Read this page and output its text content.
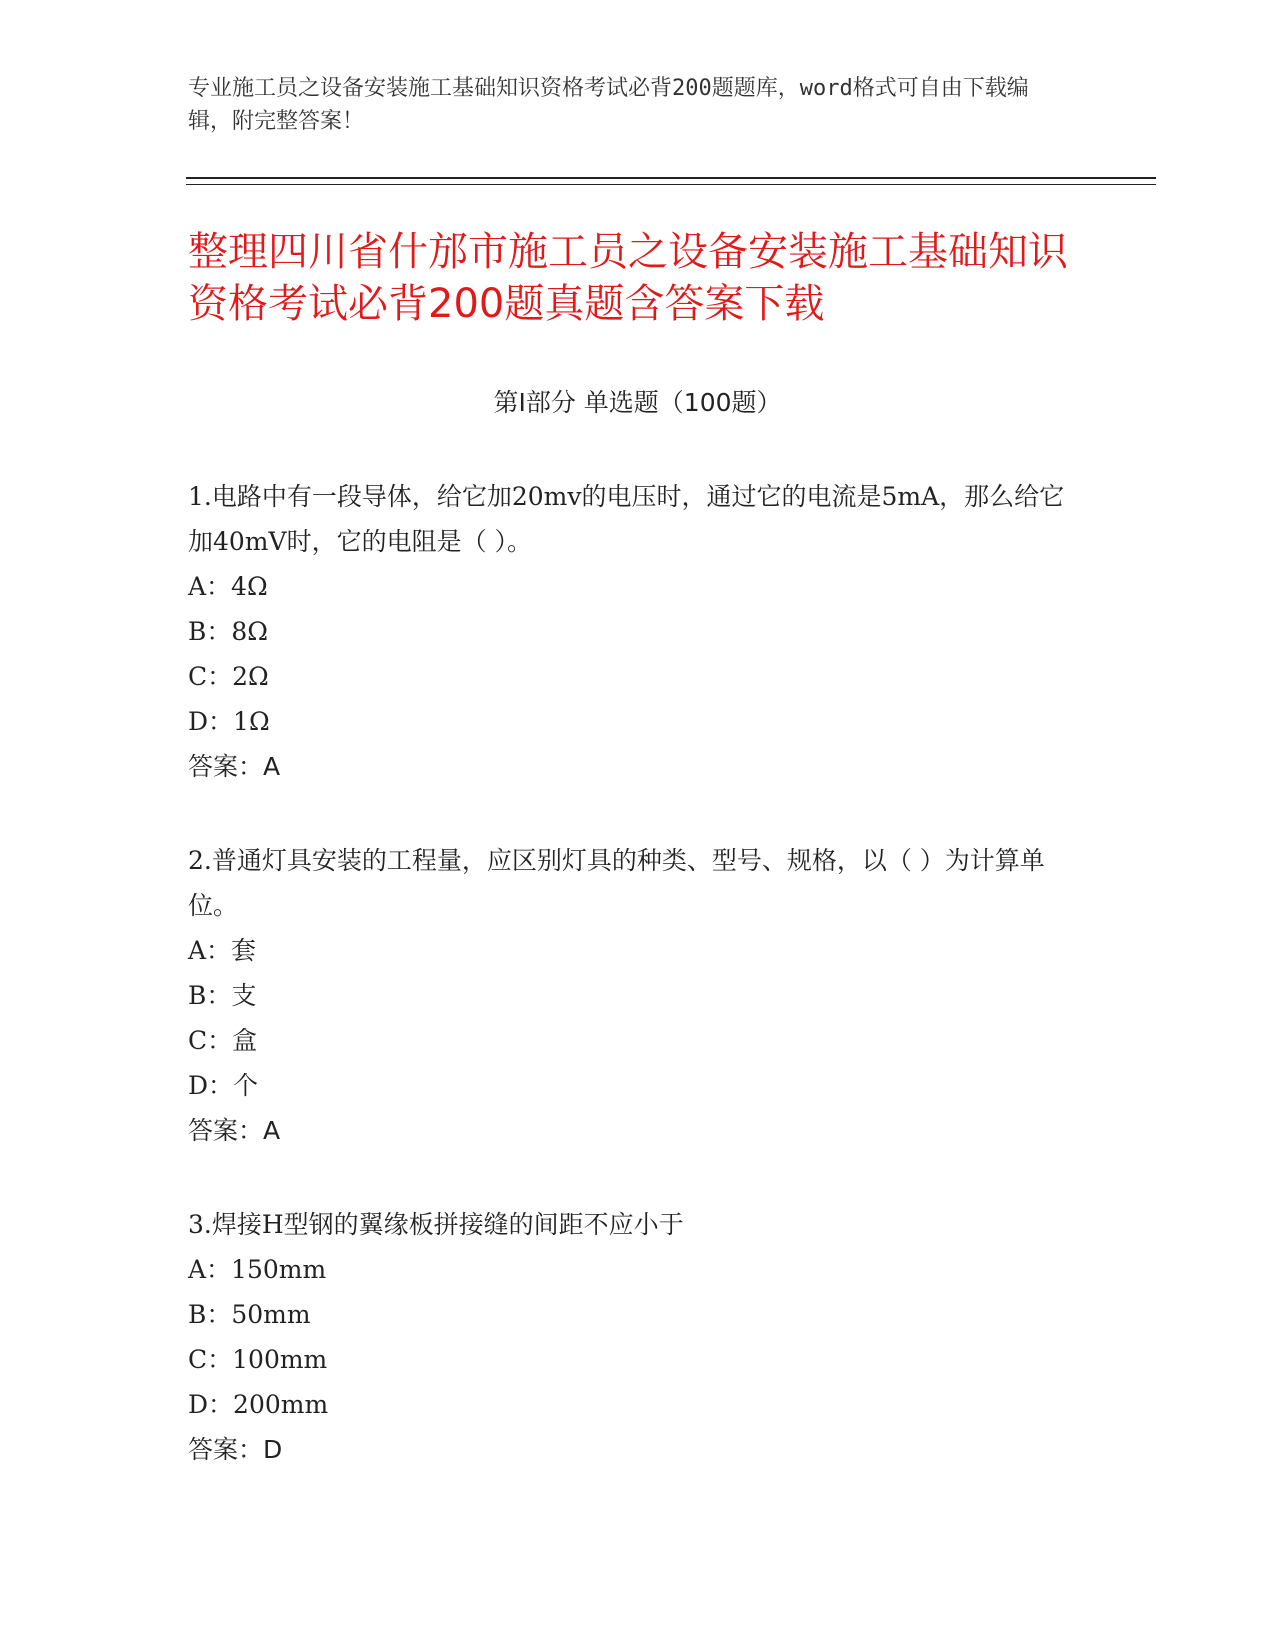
专业施工员之设备安装施工基础知识资格考试必背200题题库，word格式可自由下载编辑，附完整答案！
整理四川省什邡市施工员之设备安装施工基础知识资格考试必背200题真题含答案下载
第Ⅰ部分 单选题（100题）
1.电路中有一段导体，给它加20mv的电压时，通过它的电流是5mA，那么给它加40mV时，它的电阻是（ ）。
A：4Ω
B：8Ω
C：2Ω
D：1Ω
答案：A
2.普通灯具安装的工程量，应区别灯具的种类、型号、规格，以（ ）为计算单位。
A：套
B：支
C：盒
D：个
答案：A
3.焊接H型钢的翼缘板拼接缝的间距不应小于
A：150mm
B：50mm
C：100mm
D：200mm
答案：D
